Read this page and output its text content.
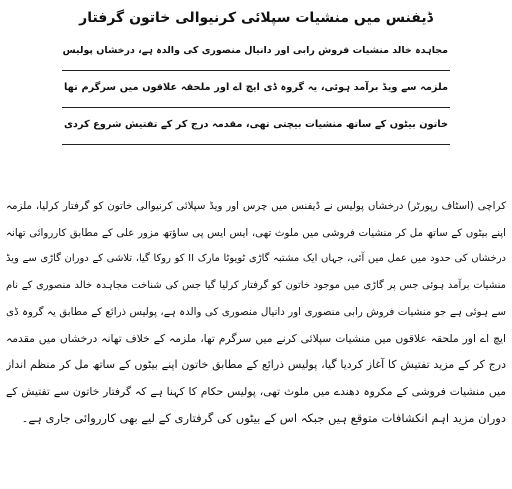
ڈیفنس میں منشیات سپلائی کرنیوالی خاتون گرفتار
مجاہدہ خالد منشیات فروش رابی اور دانیال منصوری کی والدہ ہے، درخشاں پولیس
ملزمہ سے ویڈ برآمد ہوئی، یہ گروہ ڈی ایچ اے اور ملحقہ علاقوں میں سرگرم تھا
خاتون بیٹوں کے ساتھ منشیات بیچتی تھی، مقدمہ درج کر کے تفتیش شروع کردی
کراچی (اسٹاف رپورٹر) درخشاں پولیس نے ڈیفنس میں چرس اور ویڈ سپلائی کرنیوالی خاتون کو گرفتار کرلیا، ملزمہ
اپنے بیٹوں کے ساتھ مل کر منشیات فروشی میں ملوث تھی، ایس ایس پی ساؤتھ مزور علی کے مطابق کارروائی تھانہ
درخشاں کی حدود میں عمل میں آئی، جہاں ایک مشتبہ گاڑی ٹویوٹا مارک II کو روکا گیا، تلاشی کے دوران گاڑی سے ویڈ
منشیات برآمد ہوئی جس پر گاڑی میں موجود خاتون کو گرفتار کرلیا گیا جس کی شناخت مجاہدہ خالد منصوری کے نام
سے ہوئی ہے جو منشیات فروش رابی منصوری اور دانیال منصوری کی والدہ ہے، پولیس ذرائع کے مطابق یہ گروہ ڈی
ایچ اے اور ملحقہ علاقوں میں منشیات سپلائی کرنے میں سرگرم تھا، ملزمہ کے خلاف تھانہ درخشاں میں مقدمہ
درج کر کے مزید تفتیش کا آغاز کردیا گیا، پولیس ذرائع کے مطابق خاتون اپنے بیٹوں کے ساتھ مل کر منظم انداز
میں منشیات فروشی کے مکروہ دھندے میں ملوث تھی، پولیس حکام کا کہنا ہے کہ گرفتار خاتون سے تفتیش کے
دوران مزید اہم انکشافات متوقع ہیں جبکہ اس کے بیٹوں کی گرفتاری کے لیے بھی کارروائی جاری ہے۔
